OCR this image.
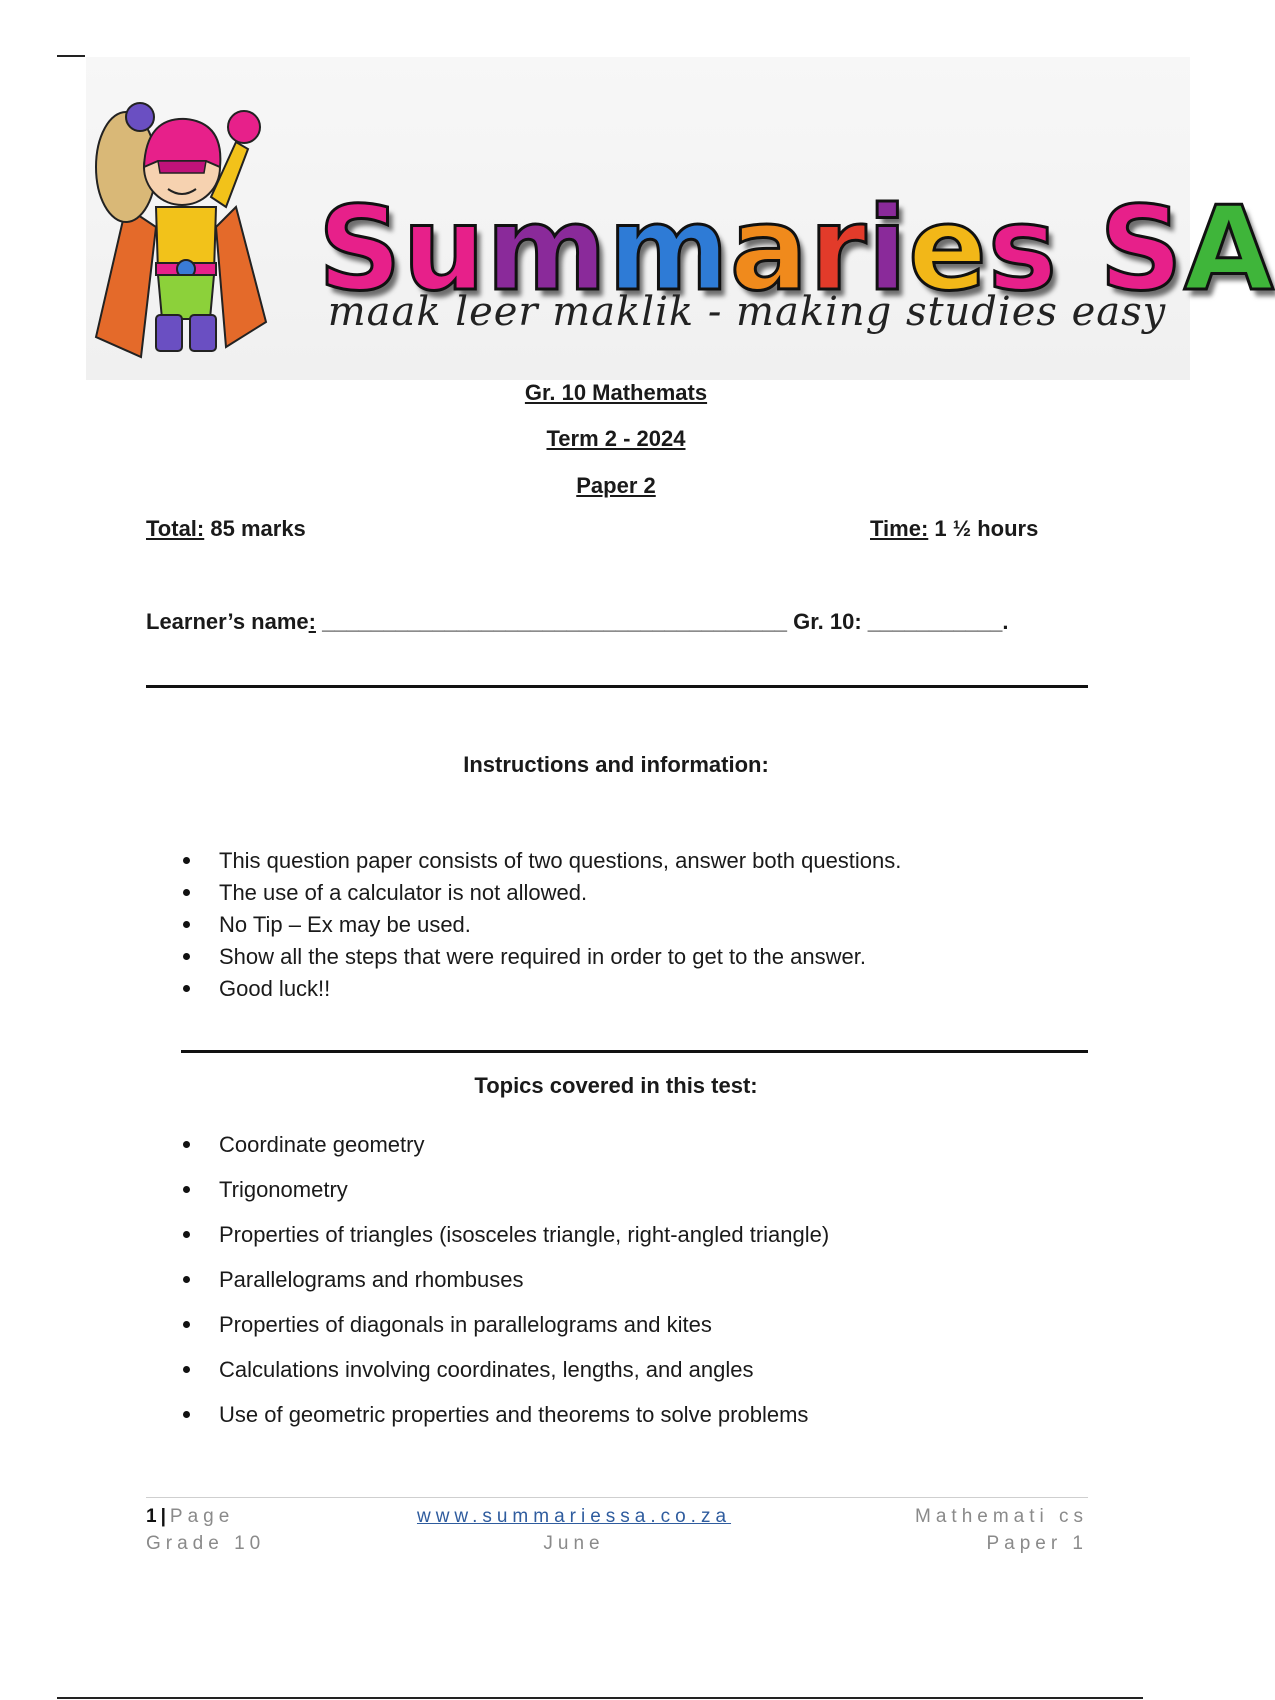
Summaries SA
maak leer maklik - making studies easy
Gr. 10 Mathemats
Term 2 - 2024
Paper 2
Total: 85 marks	Time: 1 ½ hours
Learner’s name: ______________________________________ Gr. 10: ___________.
Instructions and information:
This question paper consists of two questions, answer both questions.
The use of a calculator is not allowed.
No Tip – Ex may be used.
Show all the steps that were required in order to get to the answer.
Good luck!!
Topics covered in this test:
Coordinate geometry
Trigonometry
Properties of triangles (isosceles triangle, right-angled triangle)
Parallelograms and rhombuses
Properties of diagonals in parallelograms and kites
Calculations involving coordinates, lengths, and angles
Use of geometric properties and theorems to solve problems
1 | Page
Grade 10
www.summariessa.co.za
June
Mathemati cs
Paper 1
